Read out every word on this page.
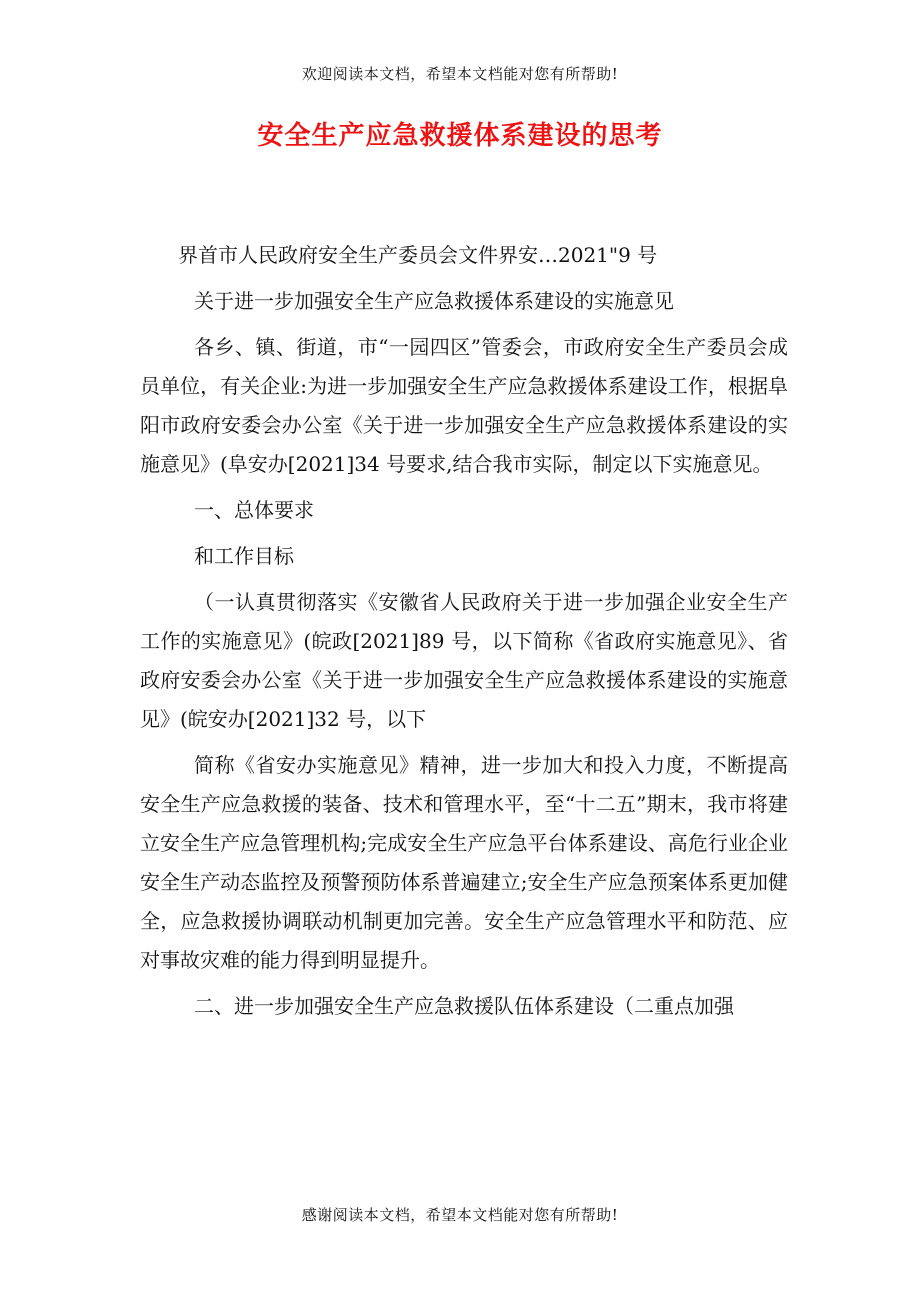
欢迎阅读本文档，希望本文档能对您有所帮助!
安全生产应急救援体系建设的思考

界首市人民政府安全生产委员会文件界安…2021"9 号

关于进一步加强安全生产应急救援体系建设的实施意见

各乡、镇、街道，市“一园四区”管委会，市政府安全生产委员会成员单位，有关企业:为进一步加强安全生产应急救援体系建设工作，根据阜阳市政府安委会办公室《关于进一步加强安全生产应急救援体系建设的实施意见》(阜安办[2021]34 号要求,结合我市实际，制定以下实施意见。

一、总体要求

和工作目标

（一认真贯彻落实《安徽省人民政府关于进一步加强企业安全生产工作的实施意见》(皖政[2021]89 号，以下简称《省政府实施意见》、省政府安委会办公室《关于进一步加强安全生产应急救援体系建设的实施意见》(皖安办[2021]32 号，以下

简称《省安办实施意见》精神，进一步加大和投入力度，不断提高安全生产应急救援的装备、技术和管理水平，至“十二五”期末，我市将建立安全生产应急管理机构;完成安全生产应急平台体系建设、高危行业企业安全生产动态监控及预警预防体系普遍建立;安全生产应急预案体系更加健全，应急救援协调联动机制更加完善。安全生产应急管理水平和防范、应对事故灾难的能力得到明显提升。

二、进一步加强安全生产应急救援队伍体系建设（二重点加强

感谢阅读本文档，希望本文档能对您有所帮助!
